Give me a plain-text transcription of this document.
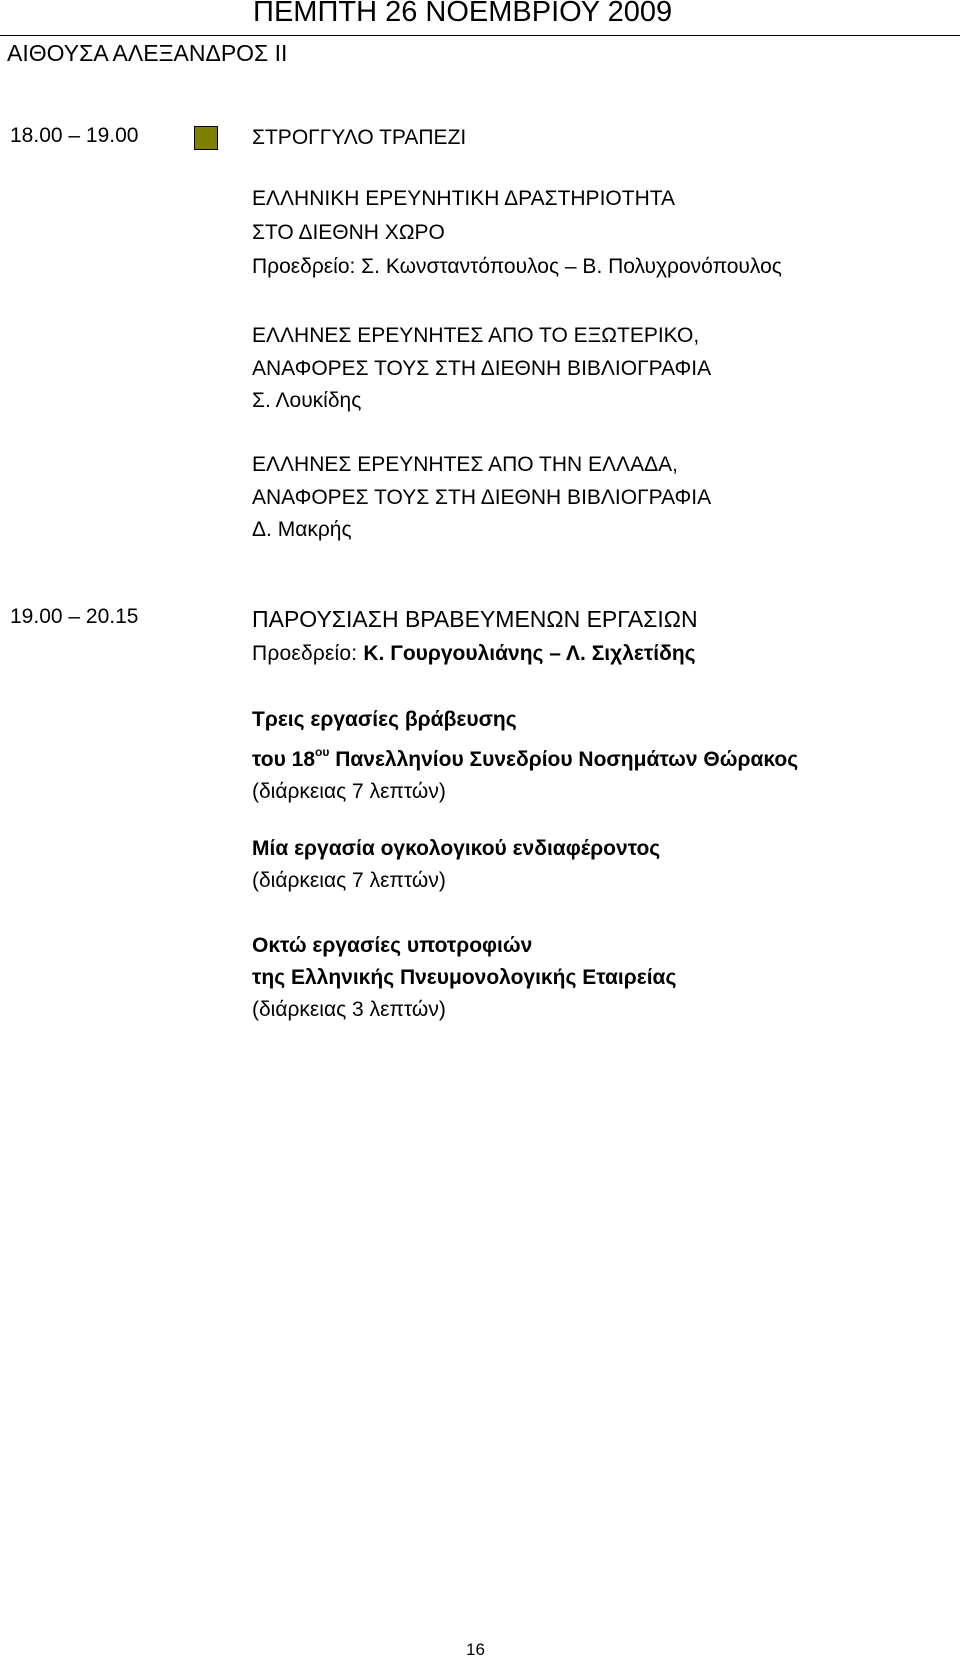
ΠΕΜΠΤΗ 26 ΝΟΕΜΒΡΙΟΥ 2009
ΑΙΘΟΥΣΑ ΑΛΕΞΑΝΔΡΟΣ ΙΙ
18.00 – 19.00	ΣΤΡΟΓΓΥΛΟ ΤΡΑΠΕΖΙ
ΕΛΛΗΝΙΚΗ ΕΡΕΥΝΗΤΙΚΗ ΔΡΑΣΤΗΡΙΟΤΗΤΑ
ΣΤΟ ΔΙΕΘΝΗ ΧΩΡΟ
Προεδρείο: Σ. Κωνσταντόπουλος – Β. Πολυχρονόπουλος
ΕΛΛΗΝΕΣ ΕΡΕΥΝΗΤΕΣ ΑΠΟ ΤΟ ΕΞΩΤΕΡΙΚΟ,
ΑΝΑΦΟΡΕΣ ΤΟΥΣ ΣΤΗ ΔΙΕΘΝΗ ΒΙΒΛΙΟΓΡΑΦΙΑ
Σ. Λουκίδης
ΕΛΛΗΝΕΣ ΕΡΕΥΝΗΤΕΣ ΑΠΟ ΤΗΝ ΕΛΛΑΔΑ,
ΑΝΑΦΟΡΕΣ ΤΟΥΣ ΣΤΗ ΔΙΕΘΝΗ ΒΙΒΛΙΟΓΡΑΦΙΑ
Δ. Μακρής
19.00 – 20.15	ΠΑΡΟΥΣΙΑΣΗ ΒΡΑΒΕΥΜΕΝΩΝ ΕΡΓΑΣΙΩΝ
Προεδρείο: Κ. Γουργουλιάνης – Λ. Σιχλετίδης
Τρεις εργασίες βράβευσης
του $18^{o\upsilon}$ Πανελληνίου Συνεδρίου Νοσημάτων Θώρακος
(διάρκειας 7 λεπτών)
Μία εργασία ογκολογικού ενδιαφέροντος
(διάρκειας 7 λεπτών)
Οκτώ εργασίες υποτροφιών
της Ελληνικής Πνευμονολογικής Εταιρείας
(διάρκειας 3 λεπτών)
16
